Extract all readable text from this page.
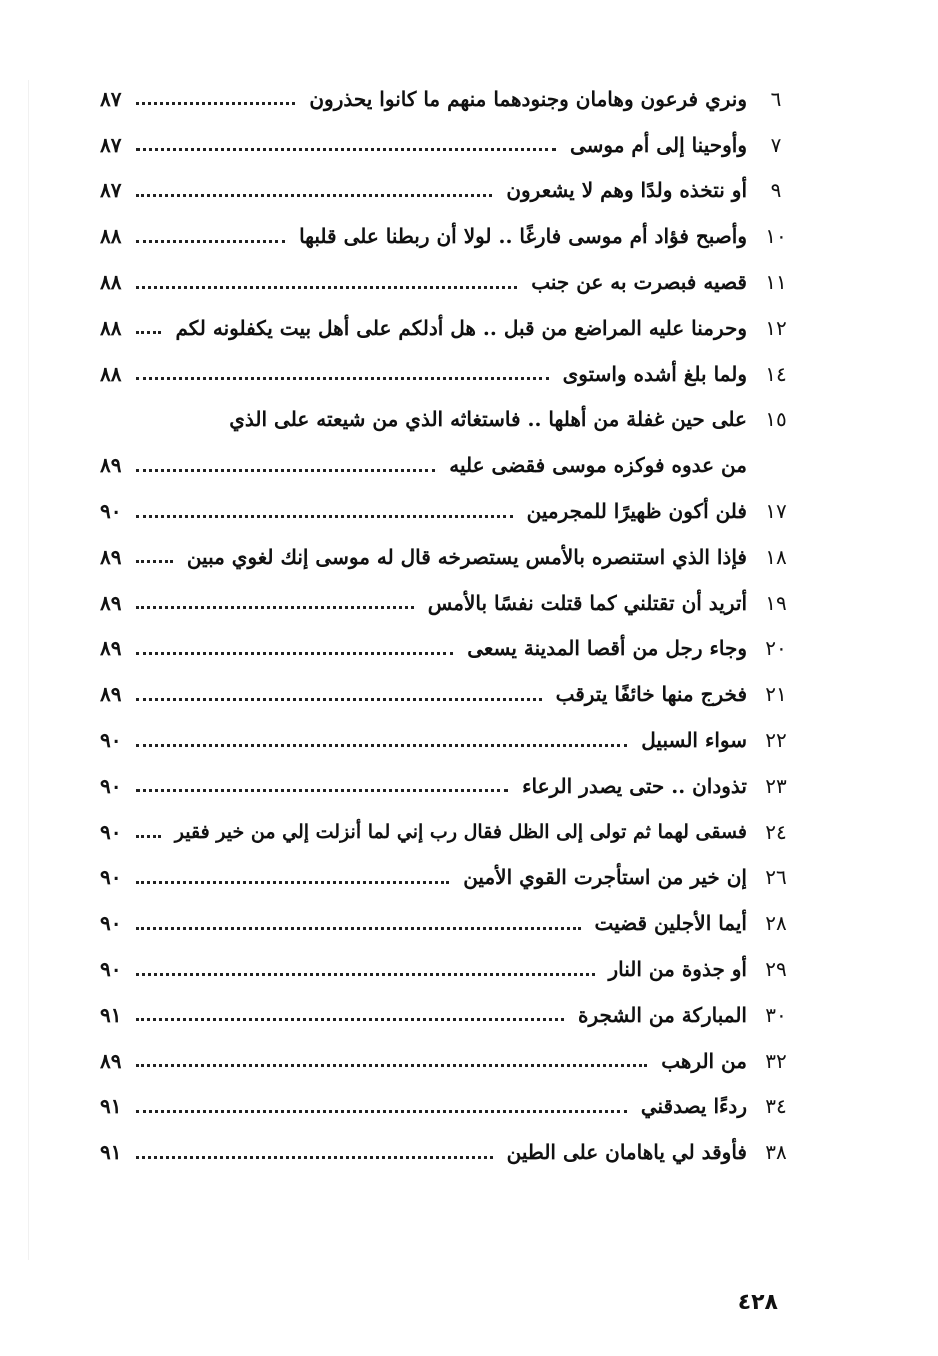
٦
ونري فرعون وهامان وجنودهما منهم ما كانوا يحذرون
٨٧
٧
وأوحينا إلى أم موسى
٨٧
٩
أو نتخذه ولدًا وهم لا يشعرون
٨٧
١٠
وأصبح فؤاد أم موسى فارغًا .. لولا أن ربطنا على قلبها
٨٨
١١
قصيه فبصرت به عن جنب
٨٨
١٢
وحرمنا عليه المراضع من قبل .. هل أدلكم على أهل بيت يكفلونه لكم
٨٨
١٤
ولما بلغ أشده واستوى
٨٨
١٥
على حين غفلة من أهلها .. فاستغاثه الذي من شيعته على الذي
من عدوه فوكزه موسى فقضى عليه
٨٩
١٧
فلن أكون ظهيرًا للمجرمين
٩٠
١٨
فإذا الذي استنصره بالأمس يستصرخه قال له موسى إنك لغوي مبين
٨٩
١٩
أتريد أن تقتلني كما قتلت نفسًا بالأمس
٨٩
٢٠
وجاء رجل من أقصا المدينة يسعى
٨٩
٢١
فخرج منها خائفًا يترقب
٨٩
٢٢
سواء السبيل
٩٠
٢٣
تذودان .. حتى يصدر الرعاء
٩٠
٢٤
فسقى لهما ثم تولى إلى الظل فقال رب إني لما أنزلت إلي من خير فقير
٩٠
٢٦
إن خير من استأجرت القوي الأمين
٩٠
٢٨
أيما الأجلين قضيت
٩٠
٢٩
أو جذوة من النار
٩٠
٣٠
المباركة من الشجرة
٩١
٣٢
من الرهب
٨٩
٣٤
ردءًا يصدقني
٩١
٣٨
فأوقد لي ياهامان على الطين
٩١
٤٢٨
